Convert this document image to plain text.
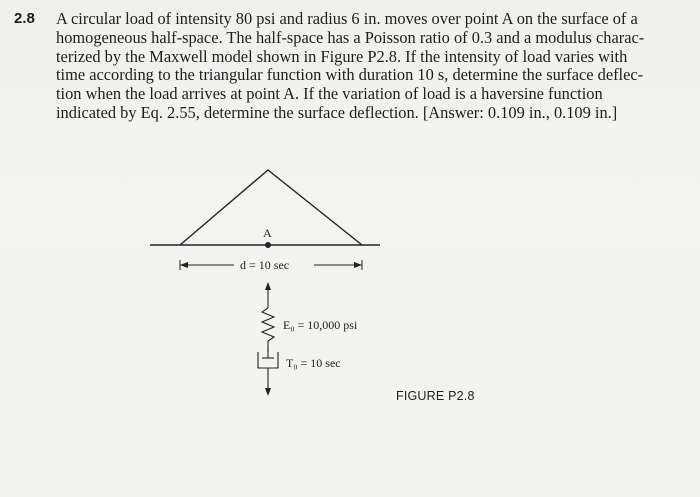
2.8	A circular load of intensity 80 psi and radius 6 in. moves over point A on the surface of a
homogeneous half-space. The half-space has a Poisson ratio of 0.3 and a modulus charac-
terized by the Maxwell model shown in Figure P2.8. If the intensity of load varies with
time according to the triangular function with duration 10 s, determine the surface deflec-
tion when the load arrives at point A. If the variation of load is a haversine function
indicated by Eq. 2.55, determine the surface deflection. [Answer: 0.109 in., 0.109 in.]
A
d = 10 sec
E₀ = 10,000 psi
T₀ = 10 sec
FIGURE P2.8
